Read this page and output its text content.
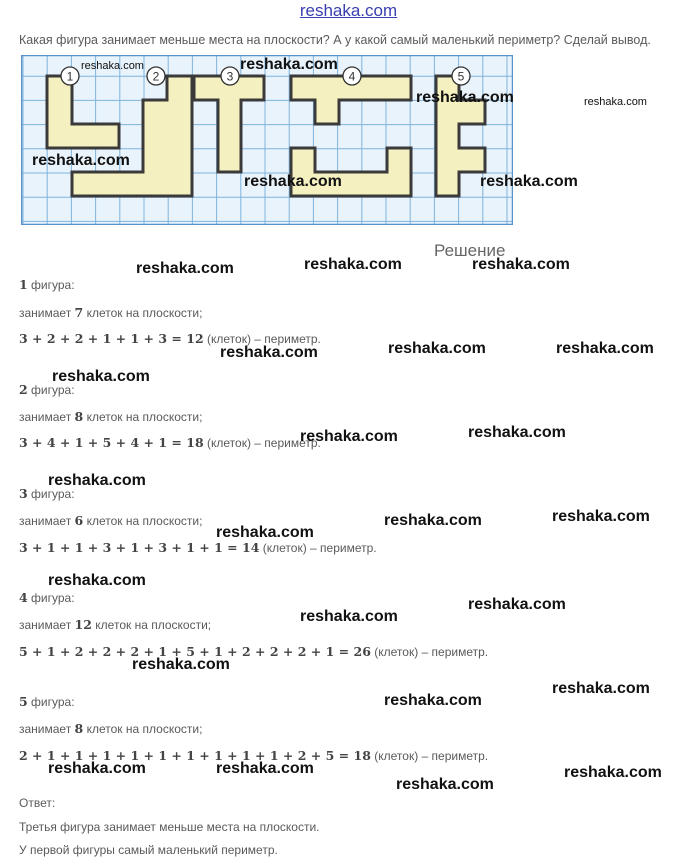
reshaka.com
Какая фигура занимает меньше места на плоскости? А у какой самый маленький периметр? Сделай вывод.
1	2	3	4	5
Решение
1 фигура:
занимает 7 клеток на плоскости;
3 + 2 + 2 + 1 + 1 + 3 = 12 (клеток) – периметр.
2 фигура:
занимает 8 клеток на плоскости;
3 + 4 + 1 + 5 + 4 + 1 = 18 (клеток) – периметр.
3 фигура:
занимает 6 клеток на плоскости;
3 + 1 + 1 + 3 + 1 + 3 + 1 + 1 = 14 (клеток) – периметр.
4 фигура:
занимает 12 клеток на плоскости;
5 + 1 + 2 + 2 + 2 + 1 + 5 + 1 + 2 + 2 + 2 + 1 = 26 (клеток) – периметр.
5 фигура:
занимает 8 клеток на плоскости;
2 + 1 + 1 + 1 + 1 + 1 + 1 + 1 + 1 + 1 + 2 + 5 = 18 (клеток) – периметр.
Ответ:
Третья фигура занимает меньше места на плоскости.
У первой фигуры самый маленький периметр.
reshaka.com	reshaka.com
reshaka.com	reshaka.com
reshaka.com
reshaka.com	reshaka.com
reshaka.com	reshaka.com	reshaka.com
reshaka.com	reshaka.com	reshaka.com
reshaka.com
reshaka.com	reshaka.com
reshaka.com
reshaka.com
reshaka.com	reshaka.com
reshaka.com
reshaka.com
reshaka.com
reshaka.com
reshaka.com
reshaka.com
reshaka.com	reshaka.com	reshaka.com
reshaka.com
